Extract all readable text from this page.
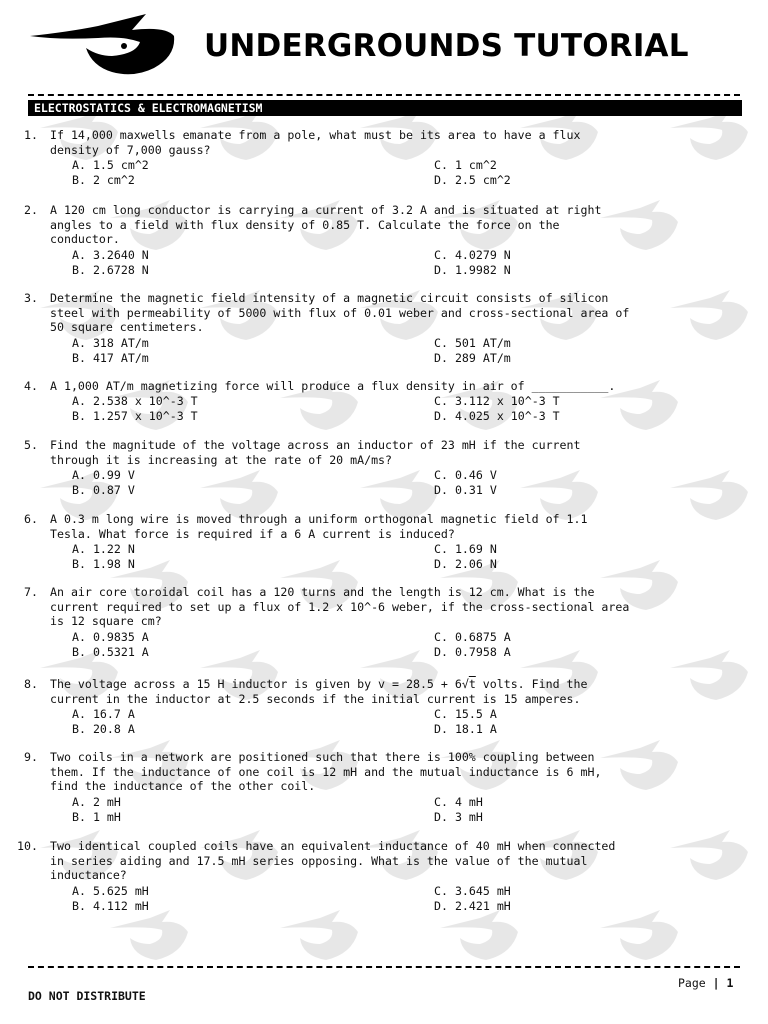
UNDERGROUNDS TUTORIAL
ELECTROSTATICS & ELECTROMAGNETISM
1. If 14,000 maxwells emanate from a pole, what must be its area to have a flux
density of 7,000 gauss?
A. 1.5 cm^2
B. 2 cm^2
C. 1 cm^2
D. 2.5 cm^2
2. A 120 cm long conductor is carrying a current of 3.2 A and is situated at right
angles to a field with flux density of 0.85 T. Calculate the force on the
conductor.
A. 3.2640 N
B. 2.6728 N
C. 4.0279 N
D. 1.9982 N
3. Determine the magnetic field intensity of a magnetic circuit consists of silicon
steel with permeability of 5000 with flux of 0.01 weber and cross-sectional area of
50 square centimeters.
A. 318 AT/m
B. 417 AT/m
C. 501 AT/m
D. 289 AT/m
4. A 1,000 AT/m magnetizing force will produce a flux density in air of ___________.
A. 2.538 x 10^-3 T
B. 1.257 x 10^-3 T
C. 3.112 x 10^-3 T
D. 4.025 x 10^-3 T
5. Find the magnitude of the voltage across an inductor of 23 mH if the current
through it is increasing at the rate of 20 mA/ms?
A. 0.99 V
B. 0.87 V
C. 0.46 V
D. 0.31 V
6. A 0.3 m long wire is moved through a uniform orthogonal magnetic field of 1.1
Tesla. What force is required if a 6 A current is induced?
A. 1.22 N
B. 1.98 N
C. 1.69 N
D. 2.06 N
7. An air core toroidal coil has a 120 turns and the length is 12 cm. What is the
current required to set up a flux of 1.2 x 10^-6 weber, if the cross-sectional area
is 12 square cm?
A. 0.9835 A
B. 0.5321 A
C. 0.6875 A
D. 0.7958 A
8. The voltage across a 15 H inductor is given by v = 28.5 + 6√t volts. Find the
current in the inductor at 2.5 seconds if the initial current is 15 amperes.
A. 16.7 A
B. 20.8 A
C. 15.5 A
D. 18.1 A
9. Two coils in a network are positioned such that there is 100% coupling between
them. If the inductance of one coil is 12 mH and the mutual inductance is 6 mH,
find the inductance of the other coil.
A. 2 mH
B. 1 mH
C. 4 mH
D. 3 mH
10. Two identical coupled coils have an equivalent inductance of 40 mH when connected
in series aiding and 17.5 mH series opposing. What is the value of the mutual
inductance?
A. 5.625 mH
B. 4.112 mH
C. 3.645 mH
D. 2.421 mH
Page | 1
DO NOT DISTRIBUTE
